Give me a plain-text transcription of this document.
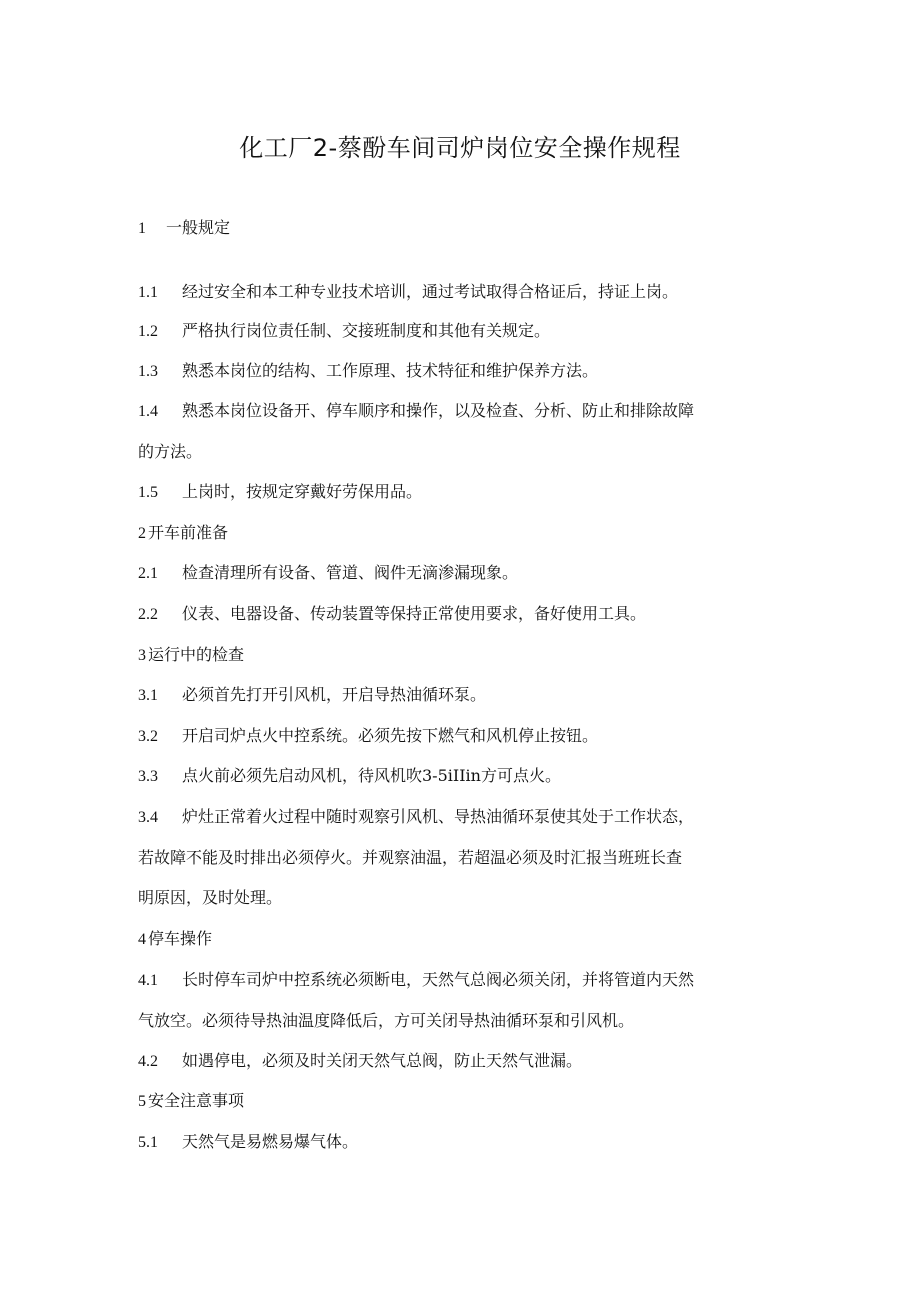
化工厂2-蔡酚车间司炉岗位安全操作规程
1 一般规定
1.1 经过安全和本工种专业技术培训，通过考试取得合格证后，持证上岗。
1.2 严格执行岗位责任制、交接班制度和其他有关规定。
1.3 熟悉本岗位的结构、工作原理、技术特征和维护保养方法。
1.4 熟悉本岗位设备开、停车顺序和操作，以及检查、分析、防止和排除故障
的方法。
1.5 上岗时，按规定穿戴好劳保用品。
2 开车前准备
2.1 检查清理所有设备、管道、阀件无滴渗漏现象。
2.2 仪表、电器设备、传动装置等保持正常使用要求，备好使用工具。
3 运行中的检查
3.1 必须首先打开引风机，开启导热油循环泵。
3.2 开启司炉点火中控系统。必须先按下燃气和风机停止按钮。
3.3 点火前必须先启动风机，待风机吹3-5iIIin方可点火。
3.4 炉灶正常着火过程中随时观察引风机、导热油循环泵使其处于工作状态，
若故障不能及时排出必须停火。并观察油温，若超温必须及时汇报当班班长查
明原因，及时处理。
4 停车操作
4.1 长时停车司炉中控系统必须断电，天然气总阀必须关闭，并将管道内天然
气放空。必须待导热油温度降低后，方可关闭导热油循环泵和引风机。
4.2 如遇停电，必须及时关闭天然气总阀，防止天然气泄漏。
5 安全注意事项
5.1 天然气是易燃易爆气体。
